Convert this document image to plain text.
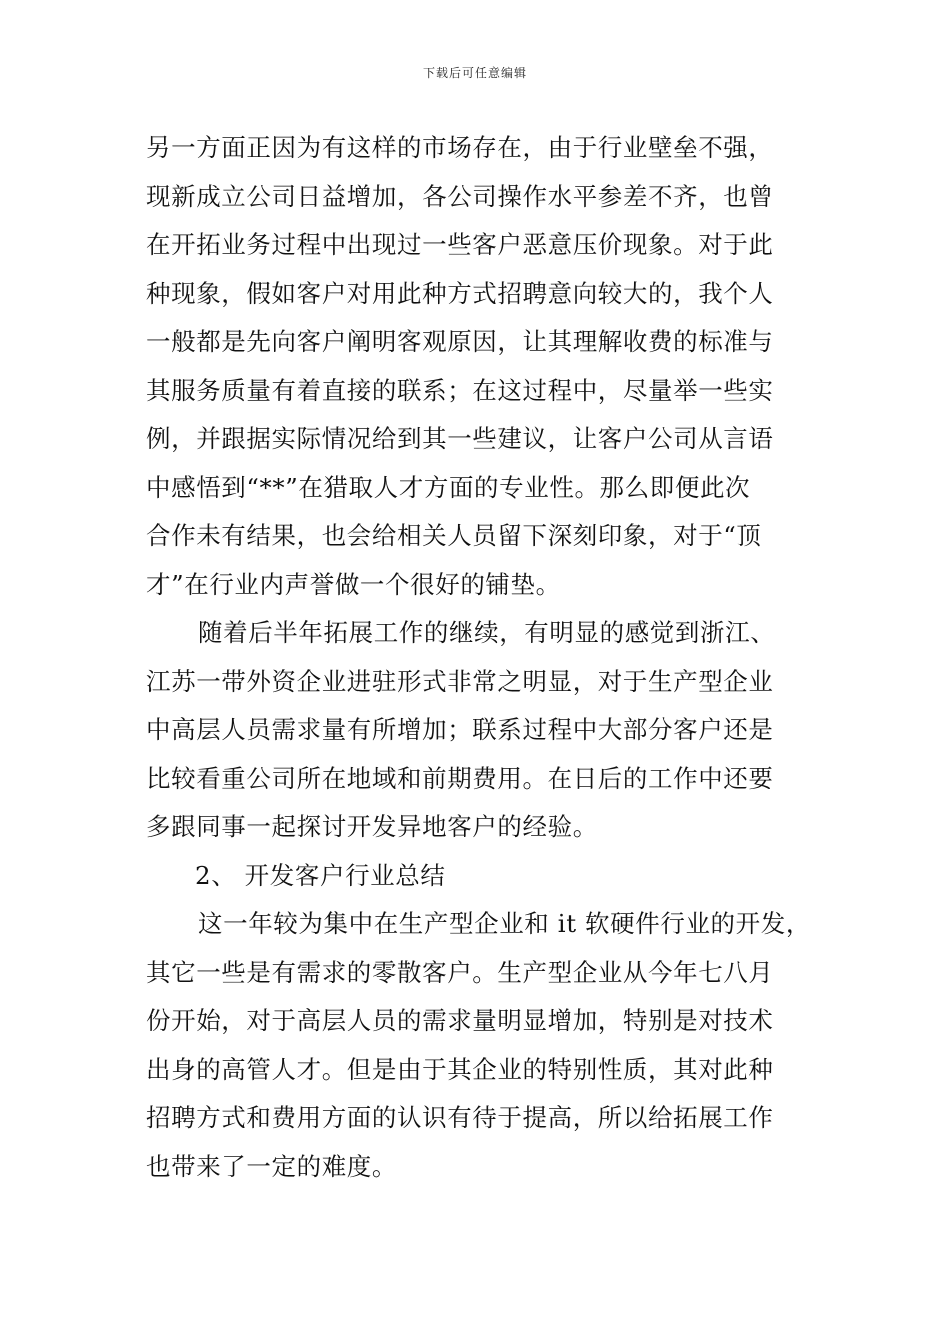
下载后可任意编辑
另一方面正因为有这样的市场存在，由于行业壁垒不强，
现新成立公司日益增加，各公司操作水平参差不齐，也曾
在开拓业务过程中出现过一些客户恶意压价现象。对于此
种现象，假如客户对用此种方式招聘意向较大的，我个人
一般都是先向客户阐明客观原因，让其理解收费的标准与
其服务质量有着直接的联系；在这过程中，尽量举一些实
例，并跟据实际情况给到其一些建议，让客户公司从言语
中感悟到“**”在猎取人才方面的专业性。那么即便此次
合作未有结果，也会给相关人员留下深刻印象，对于“顶
才”在行业内声誉做一个很好的铺垫。
随着后半年拓展工作的继续，有明显的感觉到浙江、
江苏一带外资企业进驻形式非常之明显，对于生产型企业
中高层人员需求量有所增加；联系过程中大部分客户还是
比较看重公司所在地域和前期费用。在日后的工作中还要
多跟同事一起探讨开发异地客户的经验。
2、 开发客户行业总结
这一年较为集中在生产型企业和 it 软硬件行业的开发，
其它一些是有需求的零散客户。生产型企业从今年七八月
份开始，对于高层人员的需求量明显增加，特别是对技术
出身的高管人才。但是由于其企业的特别性质，其对此种
招聘方式和费用方面的认识有待于提高，所以给拓展工作
也带来了一定的难度。
